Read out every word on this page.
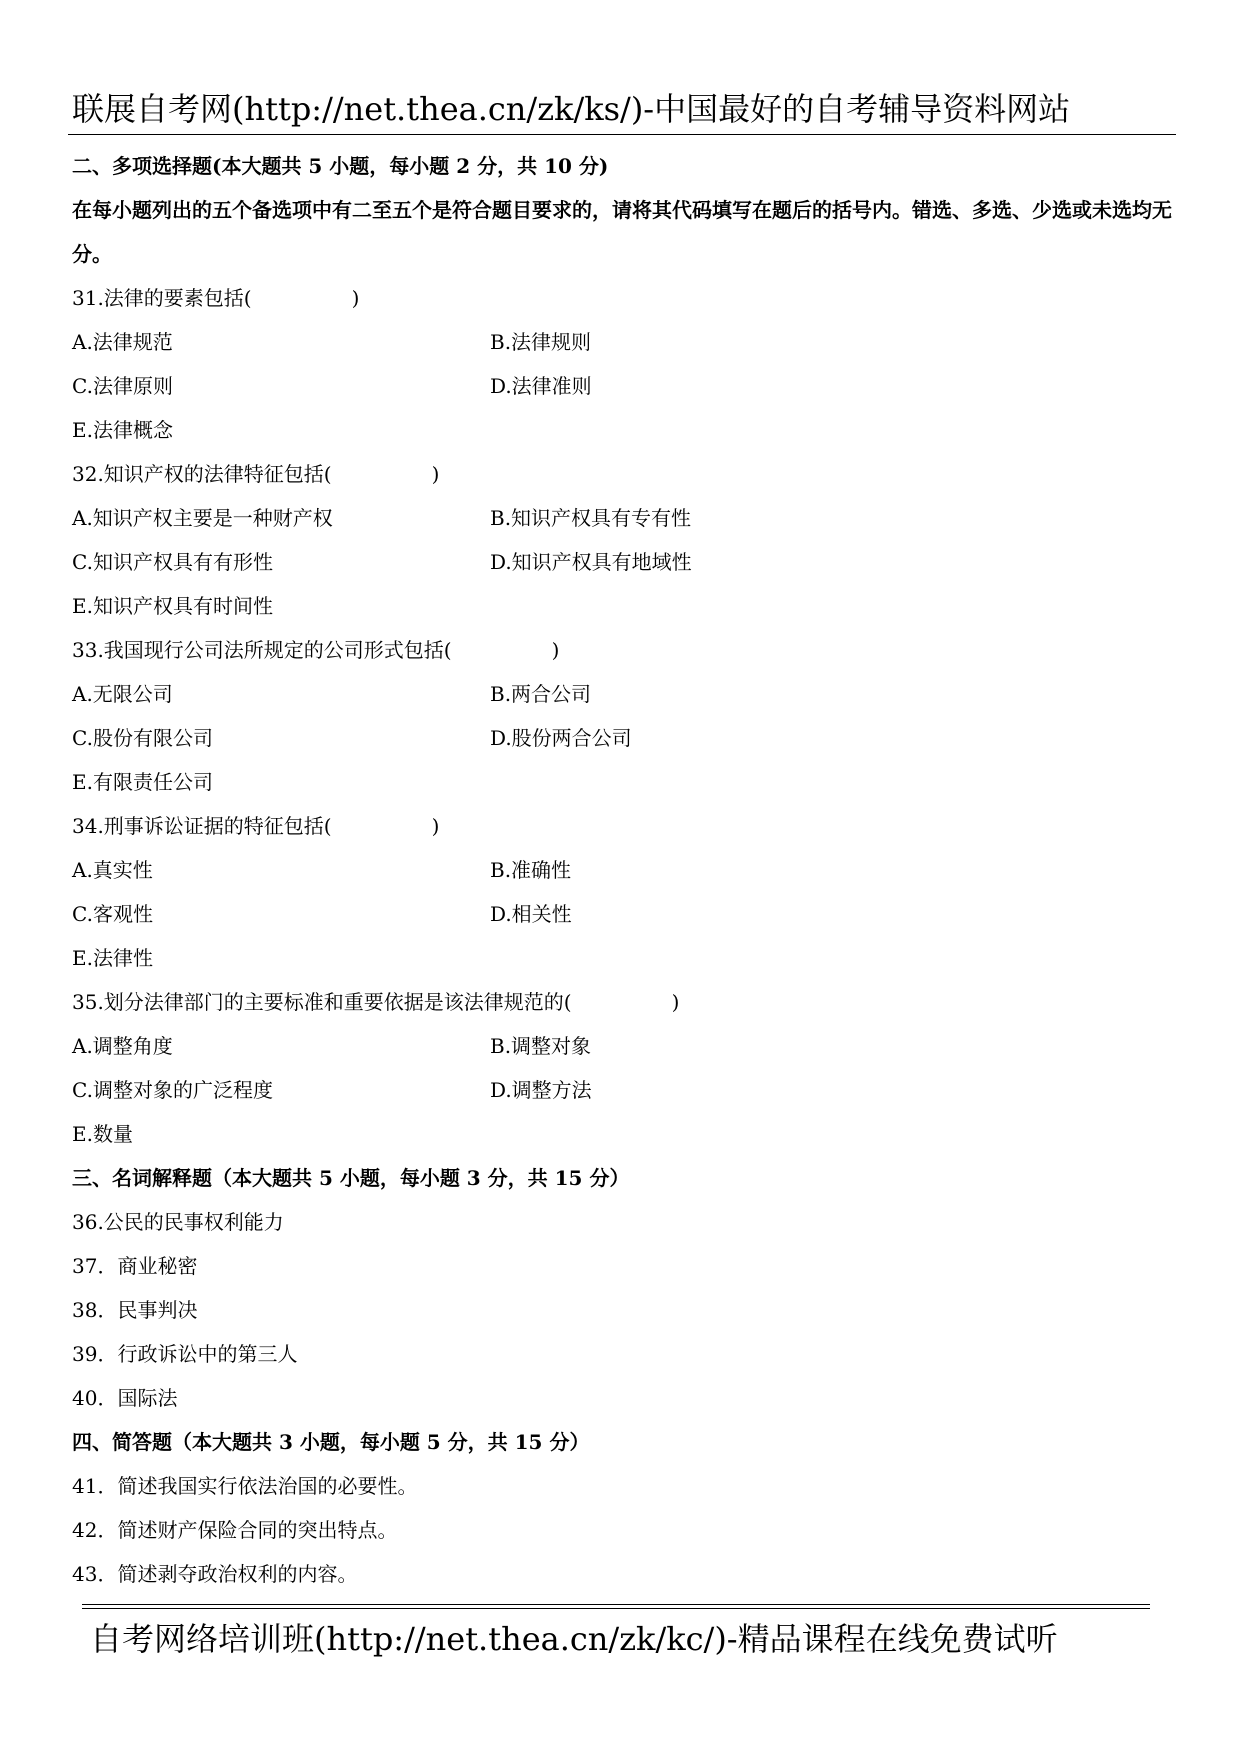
联展自考网(http://net.thea.cn/zk/ks/)-中国最好的自考辅导资料网站
二、多项选择题(本大题共 5 小题，每小题 2 分，共 10 分)
在每小题列出的五个备选项中有二至五个是符合题目要求的，请将其代码填写在题后的括号内。错选、多选、少选或未选均无分。
31.法律的要素包括(　　　　　)
A.法律规范	B.法律规则
C.法律原则	D.法律准则
E.法律概念
32.知识产权的法律特征包括(　　　　　)
A.知识产权主要是一种财产权	B.知识产权具有专有性
C.知识产权具有有形性	D.知识产权具有地域性
E.知识产权具有时间性
33.我国现行公司法所规定的公司形式包括(　　　　　)
A.无限公司	B.两合公司
C.股份有限公司	D.股份两合公司
E.有限责任公司
34.刑事诉讼证据的特征包括(　　　　　)
A.真实性	B.准确性
C.客观性	D.相关性
E.法律性
35.划分法律部门的主要标准和重要依据是该法律规范的(　　　　　)
A.调整角度	B.调整对象
C.调整对象的广泛程度	D.调整方法
E.数量
三、名词解释题（本大题共 5 小题，每小题 3 分，共 15 分）
36.公民的民事权利能力
37．商业秘密
38．民事判决
39．行政诉讼中的第三人
40．国际法
四、简答题（本大题共 3 小题，每小题 5 分，共 15 分）
41．简述我国实行依法治国的必要性。
42．简述财产保险合同的突出特点。
43．简述剥夺政治权利的内容。
自考网络培训班(http://net.thea.cn/zk/kc/)-精品课程在线免费试听
